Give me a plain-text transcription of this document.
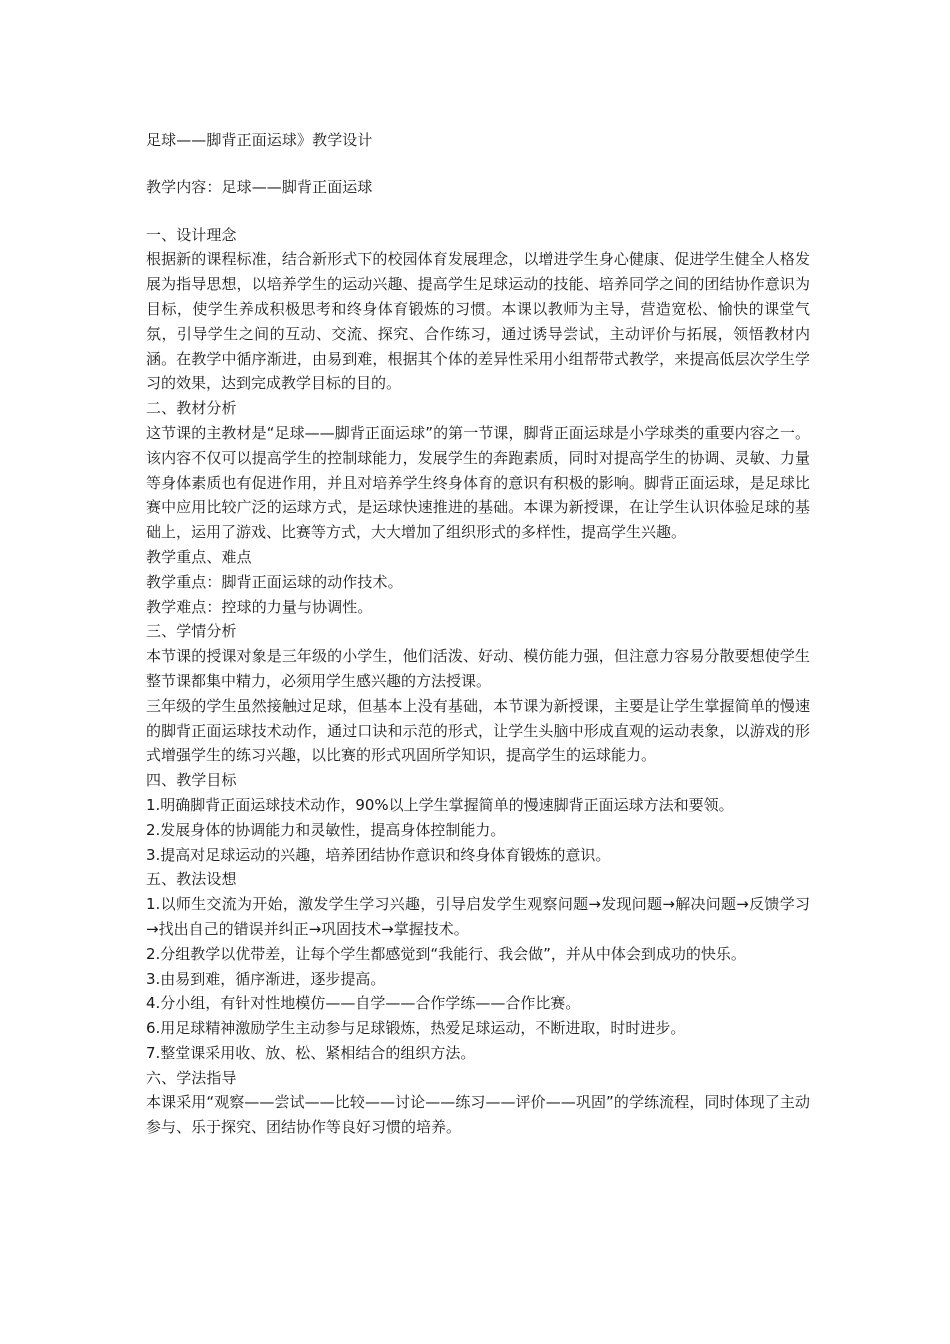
足球——脚背正面运球》教学设计
教学内容：足球——脚背正面运球
一、设计理念
根据新的课程标准，结合新形式下的校园体育发展理念，以增进学生身心健康、促进学生健全人格发展为指导思想，以培养学生的运动兴趣、提高学生足球运动的技能、培养同学之间的团结协作意识为目标，使学生养成积极思考和终身体育锻炼的习惯。本课以教师为主导，营造宽松、愉快的课堂气氛，引导学生之间的互动、交流、探究、合作练习，通过诱导尝试，主动评价与拓展，领悟教材内涵。在教学中循序渐进，由易到难，根据其个体的差异性采用小组帮带式教学，来提高低层次学生学习的效果，达到完成教学目标的目的。
二、教材分析
这节课的主教材是“足球——脚背正面运球”的第一节课，脚背正面运球是小学球类的重要内容之一。该内容不仅可以提高学生的控制球能力，发展学生的奔跑素质，同时对提高学生的协调、灵敏、力量等身体素质也有促进作用，并且对培养学生终身体育的意识有积极的影响。脚背正面运球，是足球比赛中应用比较广泛的运球方式，是运球快速推进的基础。本课为新授课，在让学生认识体验足球的基础上，运用了游戏、比赛等方式，大大增加了组织形式的多样性，提高学生兴趣。
教学重点、难点
教学重点：脚背正面运球的动作技术。
教学难点：控球的力量与协调性。
三、学情分析
本节课的授课对象是三年级的小学生，他们活泼、好动、模仿能力强，但注意力容易分散要想使学生整节课都集中精力，必须用学生感兴趣的方法授课。
三年级的学生虽然接触过足球，但基本上没有基础，本节课为新授课，主要是让学生掌握简单的慢速的脚背正面运球技术动作，通过口诀和示范的形式，让学生头脑中形成直观的运动表象，以游戏的形式增强学生的练习兴趣，以比赛的形式巩固所学知识，提高学生的运球能力。
四、教学目标
1.明确脚背正面运球技术动作，90%以上学生掌握简单的慢速脚背正面运球方法和要领。
2.发展身体的协调能力和灵敏性，提高身体控制能力。
3.提高对足球运动的兴趣，培养团结协作意识和终身体育锻炼的意识。
五、教法设想
1.以师生交流为开始，激发学生学习兴趣，引导启发学生观察问题→发现问题→解决问题→反馈学习→找出自己的错误并纠正→巩固技术→掌握技术。
2.分组教学以优带差，让每个学生都感觉到“我能行、我会做”，并从中体会到成功的快乐。
3.由易到难，循序渐进，逐步提高。
4.分小组，有针对性地模仿——自学——合作学练——合作比赛。
6.用足球精神激励学生主动参与足球锻炼，热爱足球运动，不断进取，时时进步。
7.整堂课采用收、放、松、紧相结合的组织方法。
六、学法指导
本课采用“观察——尝试——比较——讨论——练习——评价——巩固”的学练流程，同时体现了主动参与、乐于探究、团结协作等良好习惯的培养。
